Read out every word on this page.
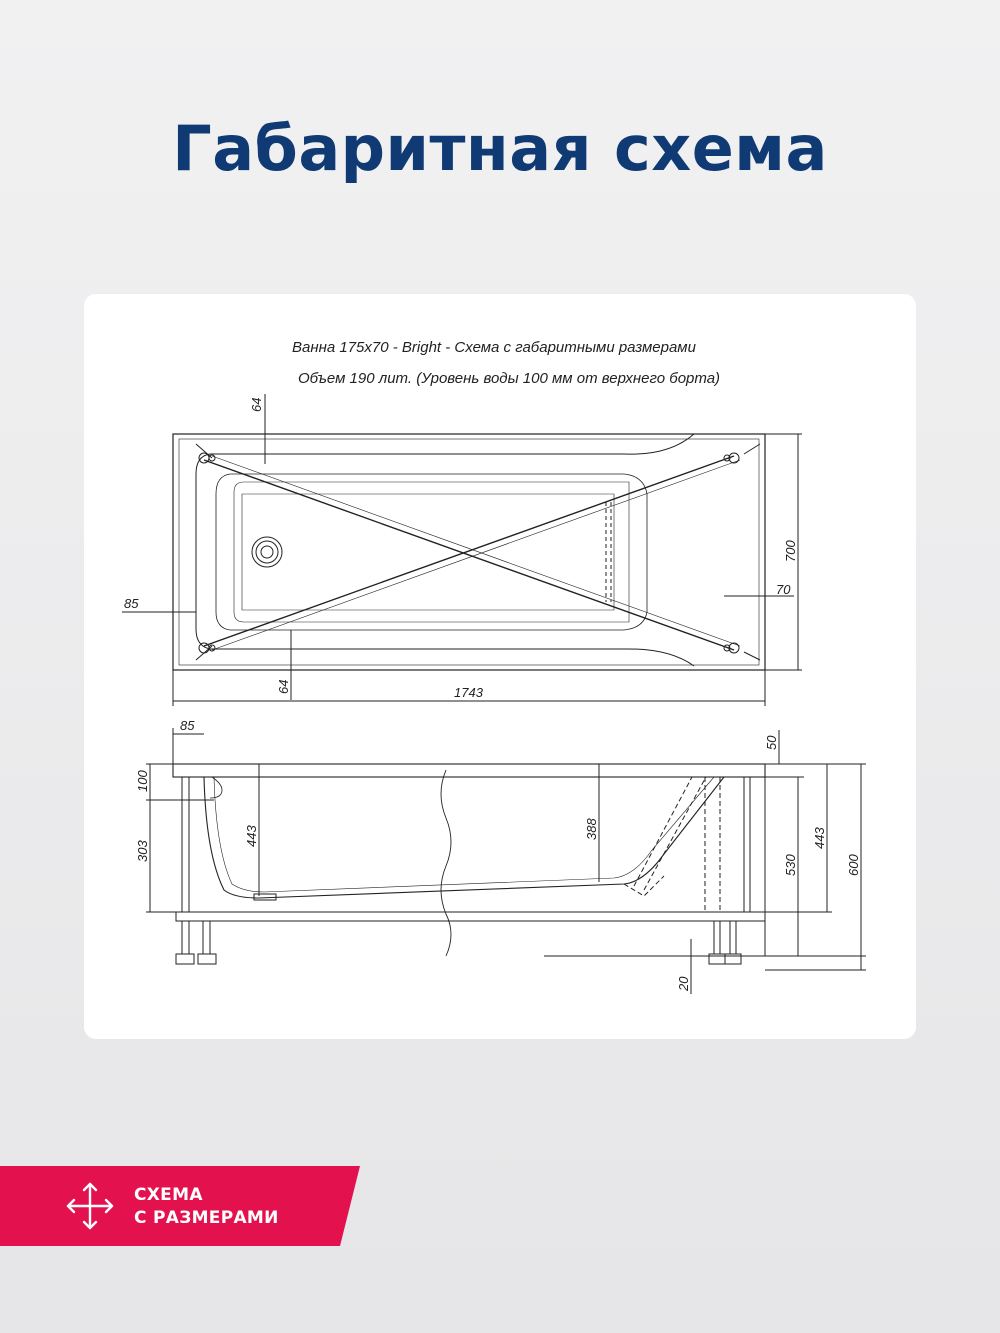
Габаритная схема
Ванна 175х70 - Bright - Схема с габаритными размерами
Объем 190 лит. (Уровень воды 100 мм от верхнего борта)
64
85
700
70
64	1743
85
50
100
303
443	388
530
443
600
20
СХЕМА
С РАЗМЕРАМИ
